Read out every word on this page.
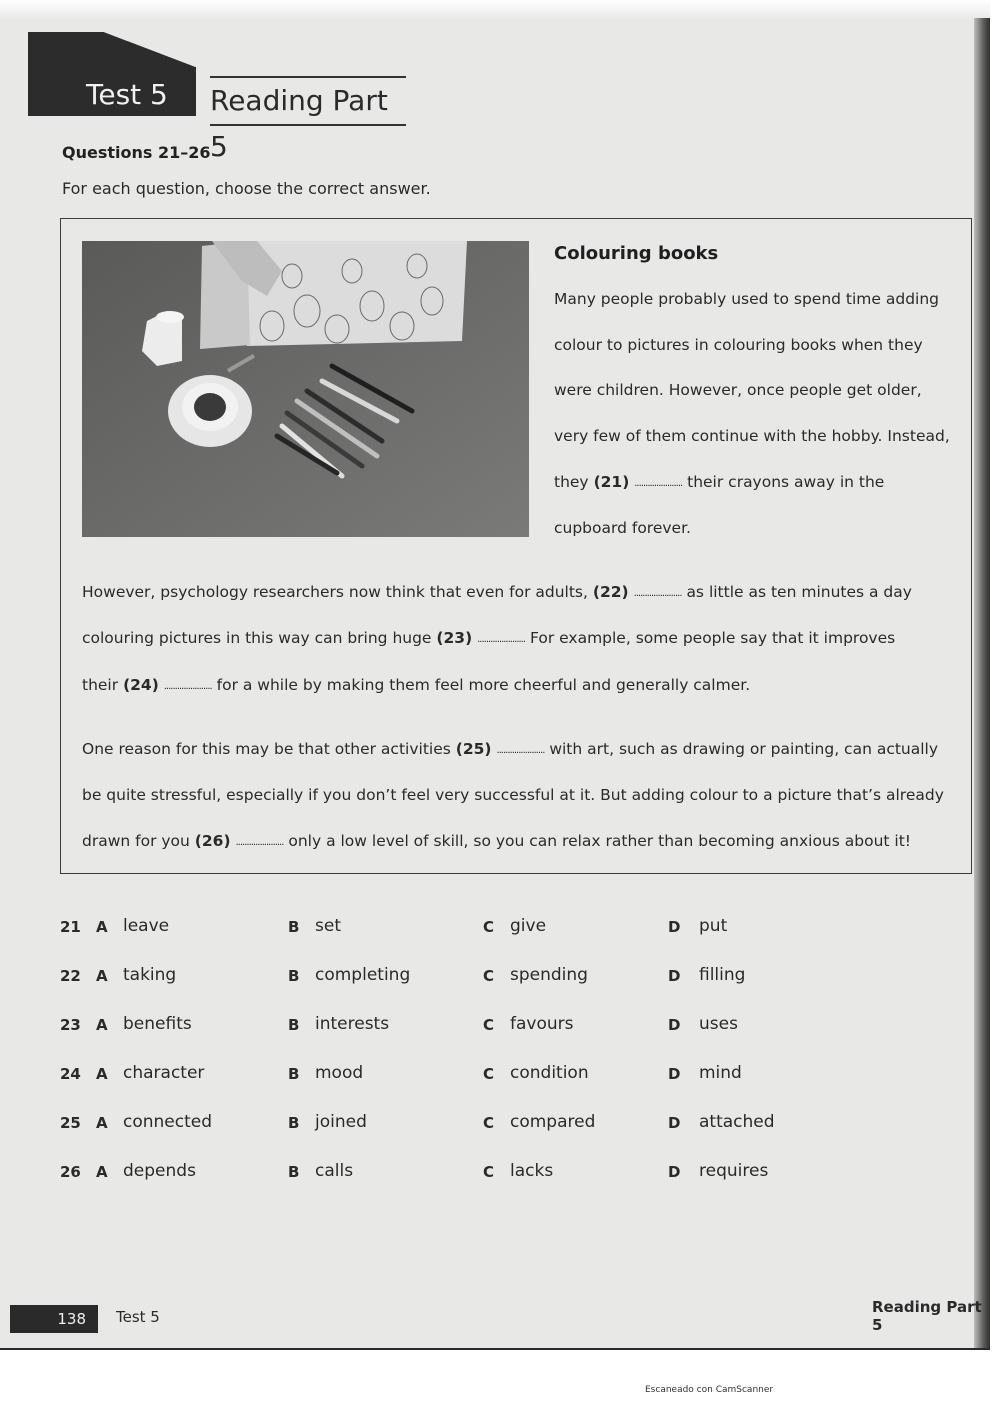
Test 5 Reading Part 5
Questions 21–26
For each question, choose the correct answer.
Colouring books
Many people probably used to spend time adding
colour to pictures in colouring books when they
were children. However, once people get older,
very few of them continue with the hobby. Instead,
they (21) ...................... their crayons away in the
cupboard forever.
However, psychology researchers now think that even for adults, (22) ...................... as little as ten minutes a day
colouring pictures in this way can bring huge (23) ...................... For example, some people say that it improves
their (24) ...................... for a while by making them feel more cheerful and generally calmer.
One reason for this may be that other activities (25) ...................... with art, such as drawing or painting, can actually
be quite stressful, especially if you don’t feel very successful at it. But adding colour to a picture that’s already
drawn for you (26) ...................... only a low level of skill, so you can relax rather than becoming anxious about it!
21 A leave	B set	C give	D put
22 A taking	B completing	C spending	D filling
23 A benefits	B interests	C favours	D uses
24 A character	B mood	C condition	D mind
25 A connected	B joined	C compared	D attached
26 A depends	B calls	C lacks	D requires
138	Test 5
Reading Part 5
Escaneado con CamScanner
